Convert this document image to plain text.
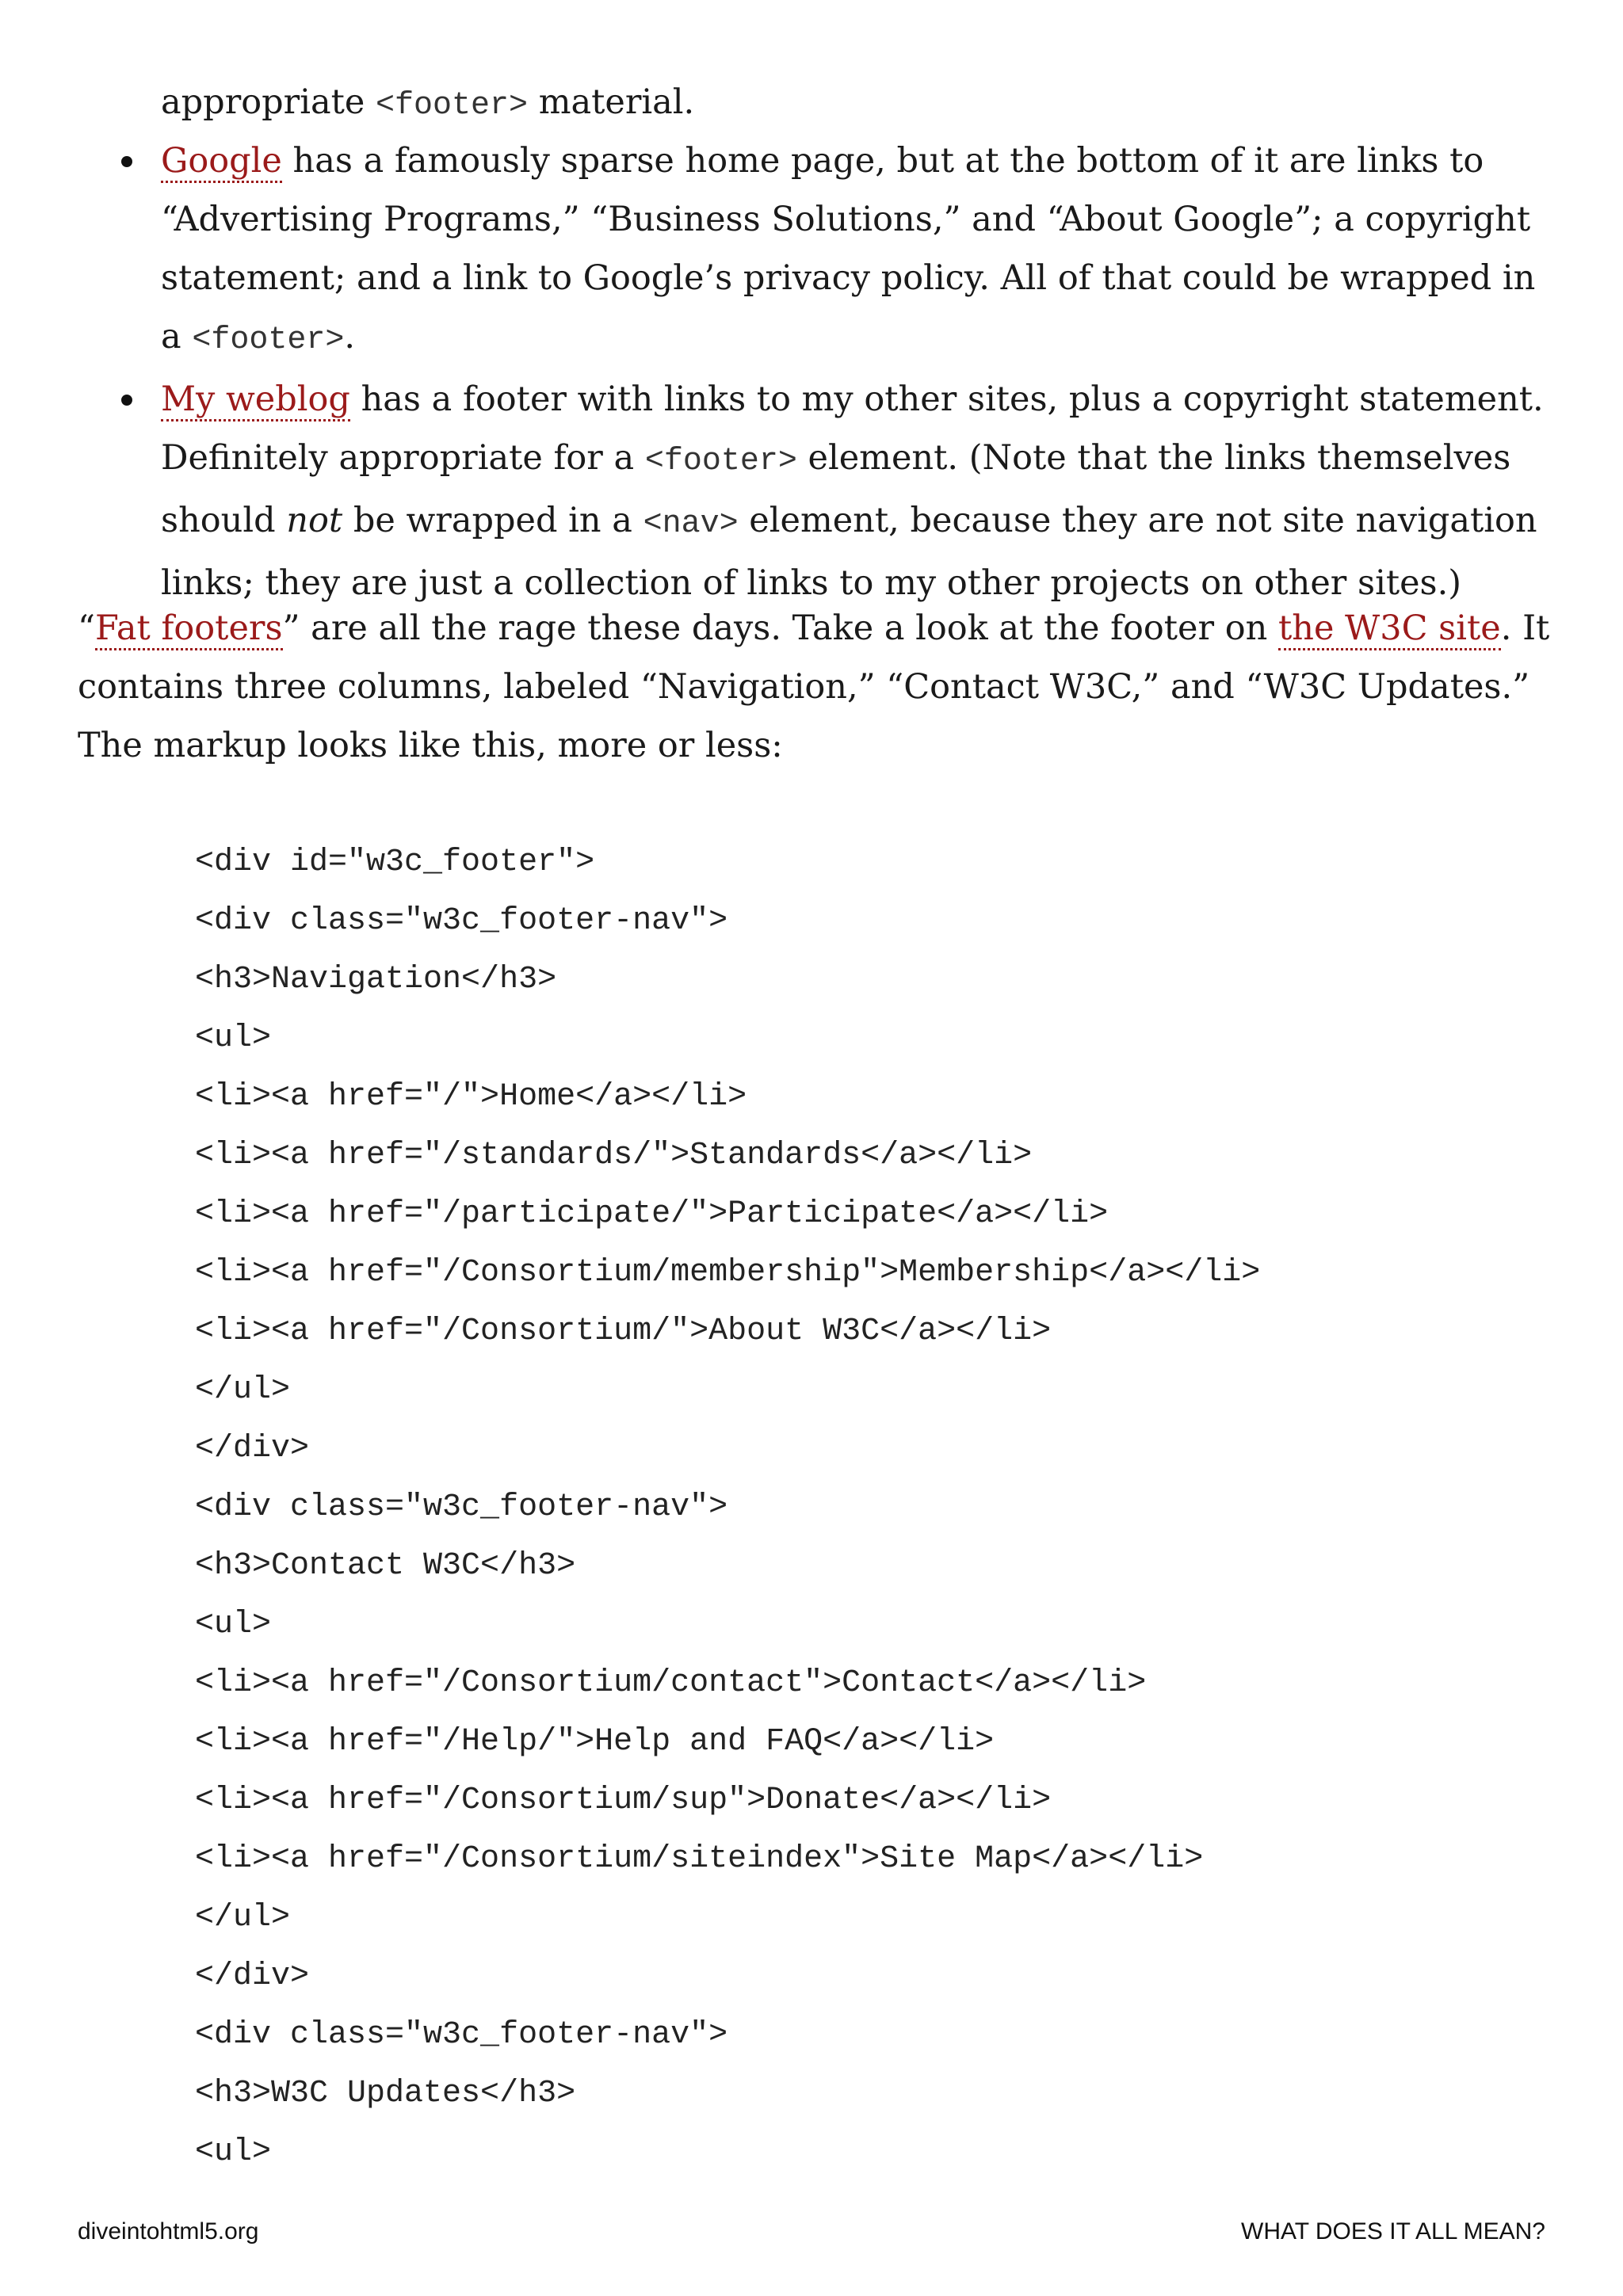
appropriate <footer> material.
Google has a famously sparse home page, but at the bottom of it are links to “Advertising Programs,” “Business Solutions,” and “About Google”; a copyright statement; and a link to Google’s privacy policy. All of that could be wrapped in a <footer>.
My weblog has a footer with links to my other sites, plus a copyright statement. Definitely appropriate for a <footer> element. (Note that the links themselves should not be wrapped in a <nav> element, because they are not site navigation links; they are just a collection of links to my other projects on other sites.)

“Fat footers” are all the rage these days. Take a look at the footer on the W3C site. It contains three columns, labeled “Navigation,” “Contact W3C,” and “W3C Updates.” The markup looks like this, more or less:

<div id="w3c_footer">
<div class="w3c_footer-nav">
<h3>Navigation</h3>
<ul>
<li><a href="/">Home</a></li>
<li><a href="/standards/">Standards</a></li>
<li><a href="/participate/">Participate</a></li>
<li><a href="/Consortium/membership">Membership</a></li>
<li><a href="/Consortium/">About W3C</a></li>
</ul>
</div>
<div class="w3c_footer-nav">
<h3>Contact W3C</h3>
<ul>
<li><a href="/Consortium/contact">Contact</a></li>
<li><a href="/Help/">Help and FAQ</a></li>
<li><a href="/Consortium/sup">Donate</a></li>
<li><a href="/Consortium/siteindex">Site Map</a></li>
</ul>
</div>
<div class="w3c_footer-nav">
<h3>W3C Updates</h3>
<ul>
diveintohtml5.org	WHAT DOES IT ALL MEAN?
